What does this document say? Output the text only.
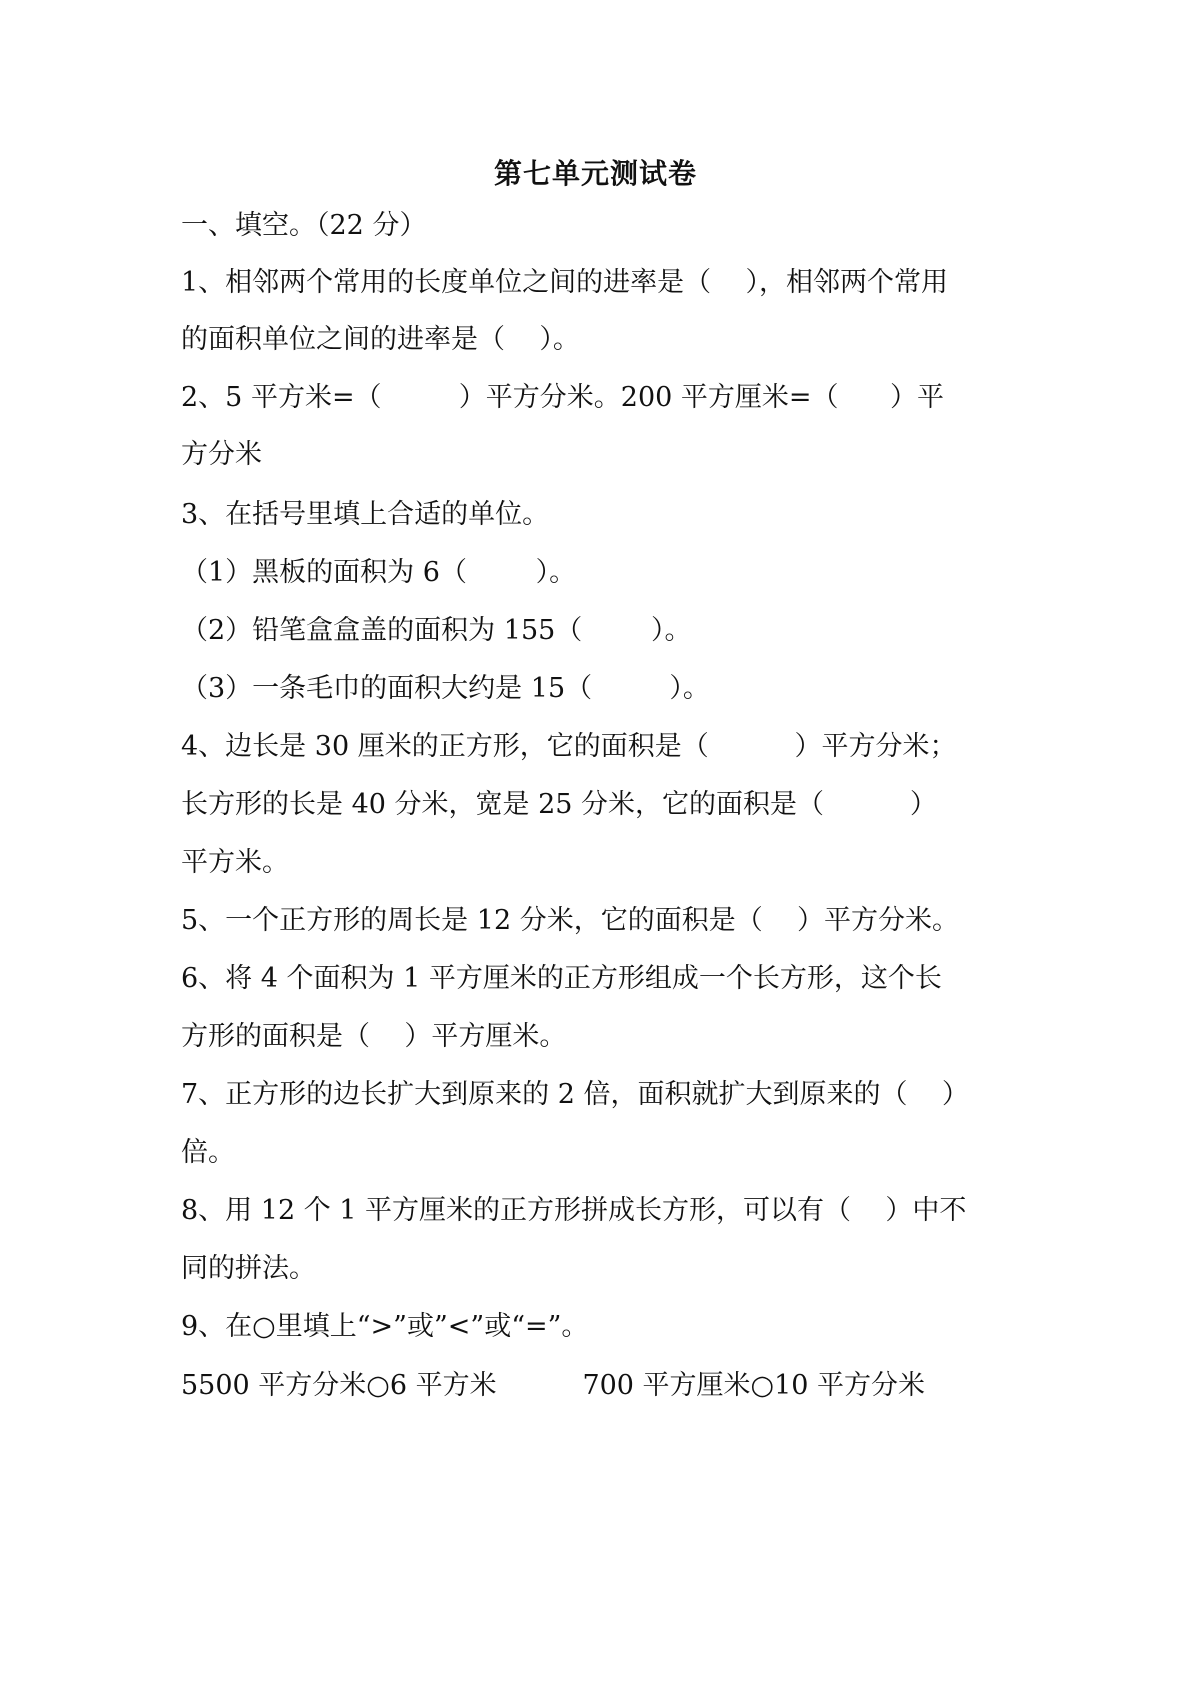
第七单元测试卷
一、填空。（22 分）
1、相邻两个常用的长度单位之间的进率是（    ），相邻两个常用
的面积单位之间的进率是（    ）。
2、5 平方米=（         ）平方分米。200 平方厘米=（      ）平
方分米
3、在括号里填上合适的单位。
（1）黑板的面积为 6（        ）。
（2）铅笔盒盒盖的面积为 155（        ）。
（3）一条毛巾的面积大约是 15（         ）。
4、边长是 30 厘米的正方形，它的面积是（          ）平方分米；
长方形的长是 40 分米，宽是 25 分米，它的面积是（          ）
平方米。
5、一个正方形的周长是 12 分米，它的面积是（    ）平方分米。
6、将 4 个面积为 1 平方厘米的正方形组成一个长方形，这个长
方形的面积是（    ）平方厘米。
7、正方形的边长扩大到原来的 2 倍，面积就扩大到原来的（    ）
倍。
8、用 12 个 1 平方厘米的正方形拼成长方形，可以有（    ）中不
同的拼法。
9、在○里填上“>”或”<”或“=”。
5500 平方分米○6 平方米          700 平方厘米○10 平方分米
